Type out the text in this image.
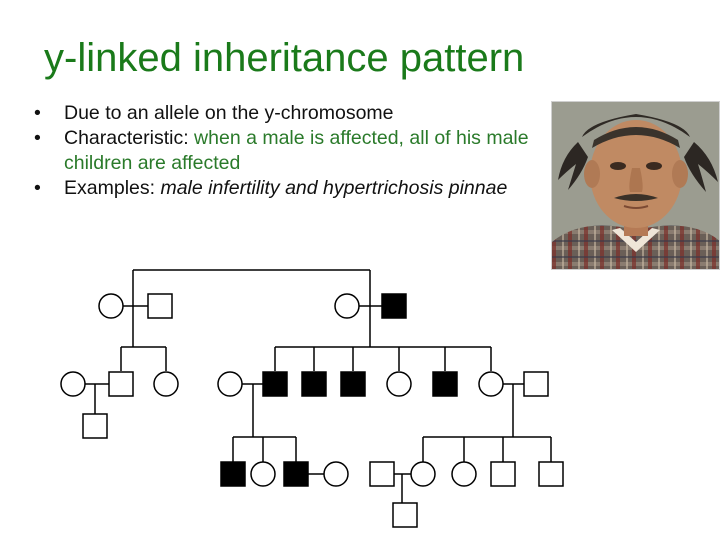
y-linked inheritance pattern
• Due to an allele on the y-chromosome
• Characteristic: when a male is affected, all of his male children are affected
• Examples: male infertility and hypertrichosis pinnae
